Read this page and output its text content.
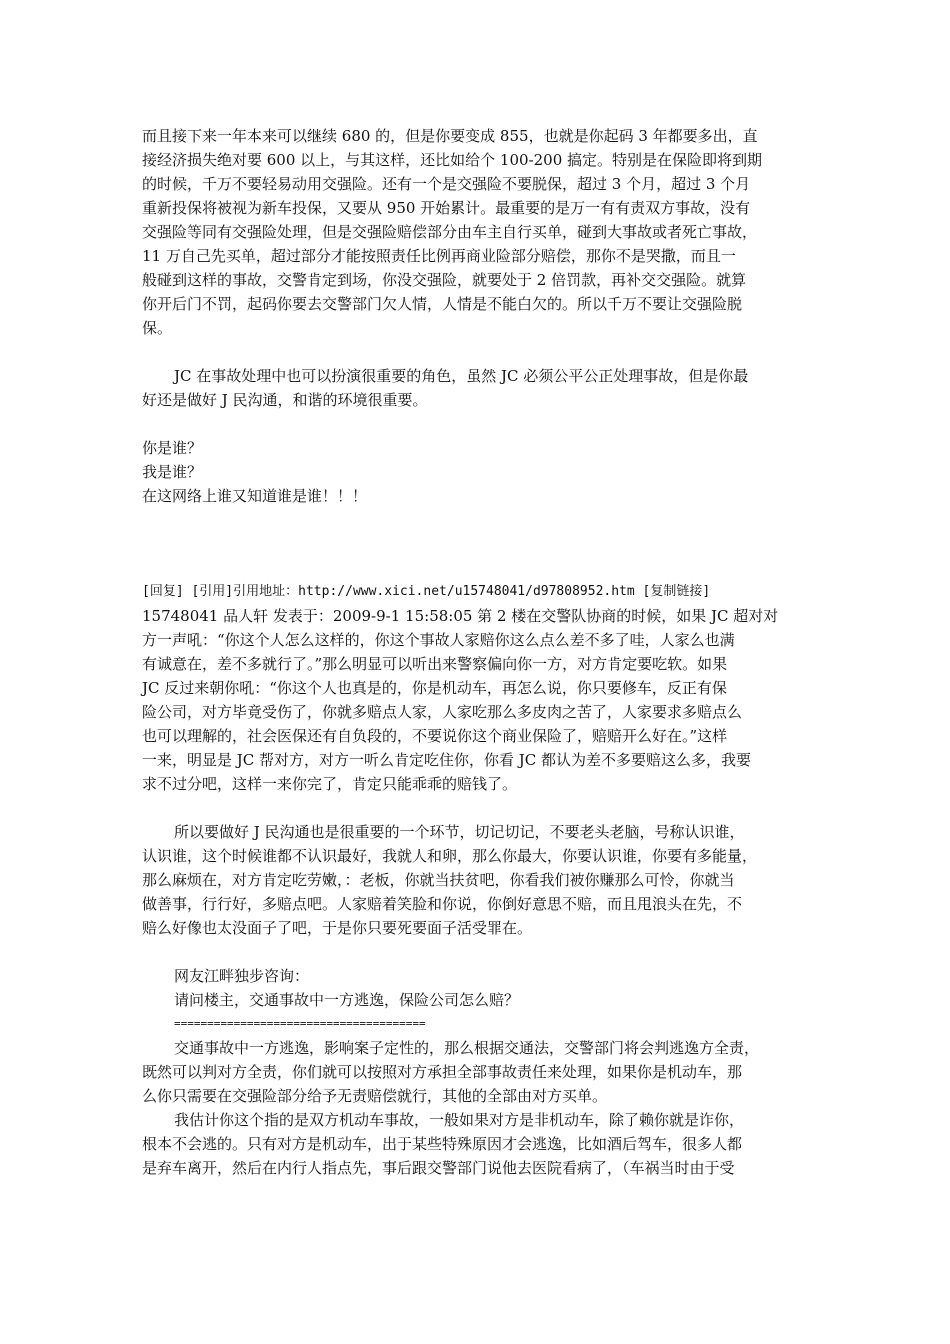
而且接下来一年本来可以继续 680 的，但是你要变成 855，也就是你起码 3 年都要多出，直
接经济损失绝对要 600 以上，与其这样，还比如给个 100-200 搞定。特别是在保险即将到期
的时候，千万不要轻易动用交强险。还有一个是交强险不要脱保，超过 3 个月，超过 3 个月
重新投保将被视为新车投保，又要从 950 开始累计。最重要的是万一有有责双方事故，没有
交强险等同有交强险处理，但是交强险赔偿部分由车主自行买单，碰到大事故或者死亡事故，
11 万自己先买单，超过部分才能按照责任比例再商业险部分赔偿，那你不是哭撒，而且一
般碰到这样的事故，交警肯定到场，你没交强险，就要处于 2 倍罚款，再补交交强险。就算
你开后门不罚，起码你要去交警部门欠人情，人情是不能白欠的。所以千万不要让交强险脱
保。
JC 在事故处理中也可以扮演很重要的角色，虽然 JC 必须公平公正处理事故，但是你最
好还是做好 J 民沟通，和谐的环境很重要。
你是谁？
我是谁？
在这网络上谁又知道谁是谁！！！
[回复] [引用]引用地址：http://www.xici.net/u15748041/d97808952.htm [复制链接]
15748041 品人轩 发表于：2009-9-1 15:58:05 第 2 楼在交警队协商的时候，如果 JC 超对对
方一声吼：“你这个人怎么这样的，你这个事故人家赔你这么点么差不多了哇，人家么也满
有诚意在，差不多就行了。”那么明显可以听出来警察偏向你一方，对方肯定要吃软。如果
JC 反过来朝你吼：“你这个人也真是的，你是机动车，再怎么说，你只要修车，反正有保
险公司，对方毕竟受伤了，你就多赔点人家，人家吃那么多皮肉之苦了，人家要求多赔点么
也可以理解的，社会医保还有自负段的，不要说你这个商业保险了，赔赔开么好在。”这样
一来，明显是 JC 帮对方，对方一听么肯定吃住你，你看 JC 都认为差不多要赔这么多，我要
求不过分吧，这样一来你完了，肯定只能乖乖的赔钱了。
所以要做好 J 民沟通也是很重要的一个环节，切记切记，不要老头老脑，号称认识谁，
认识谁，这个时候谁都不认识最好，我就人和卵，那么你最大，你要认识谁，你要有多能量，
那么麻烦在，对方肯定吃劳嫩，：老板，你就当扶贫吧，你看我们被你赚那么可怜，你就当
做善事，行行好，多赔点吧。人家赔着笑脸和你说，你倒好意思不赔，而且甩浪头在先，不
赔么好像也太没面子了吧，于是你只要死要面子活受罪在。
网友江畔独步咨询：
请问楼主，交通事故中一方逃逸，保险公司怎么赔？
======================================
交通事故中一方逃逸，影响案子定性的，那么根据交通法，交警部门将会判逃逸方全责，
既然可以判对方全责，你们就可以按照对方承担全部事故责任来处理，如果你是机动车，那
么你只需要在交强险部分给予无责赔偿就行，其他的全部由对方买单。
我估计你这个指的是双方机动车事故，一般如果对方是非机动车，除了赖你就是诈你，
根本不会逃的。只有对方是机动车，出于某些特殊原因才会逃逸，比如酒后驾车，很多人都
是弃车离开，然后在内行人指点先，事后跟交警部门说他去医院看病了，（车祸当时由于受
